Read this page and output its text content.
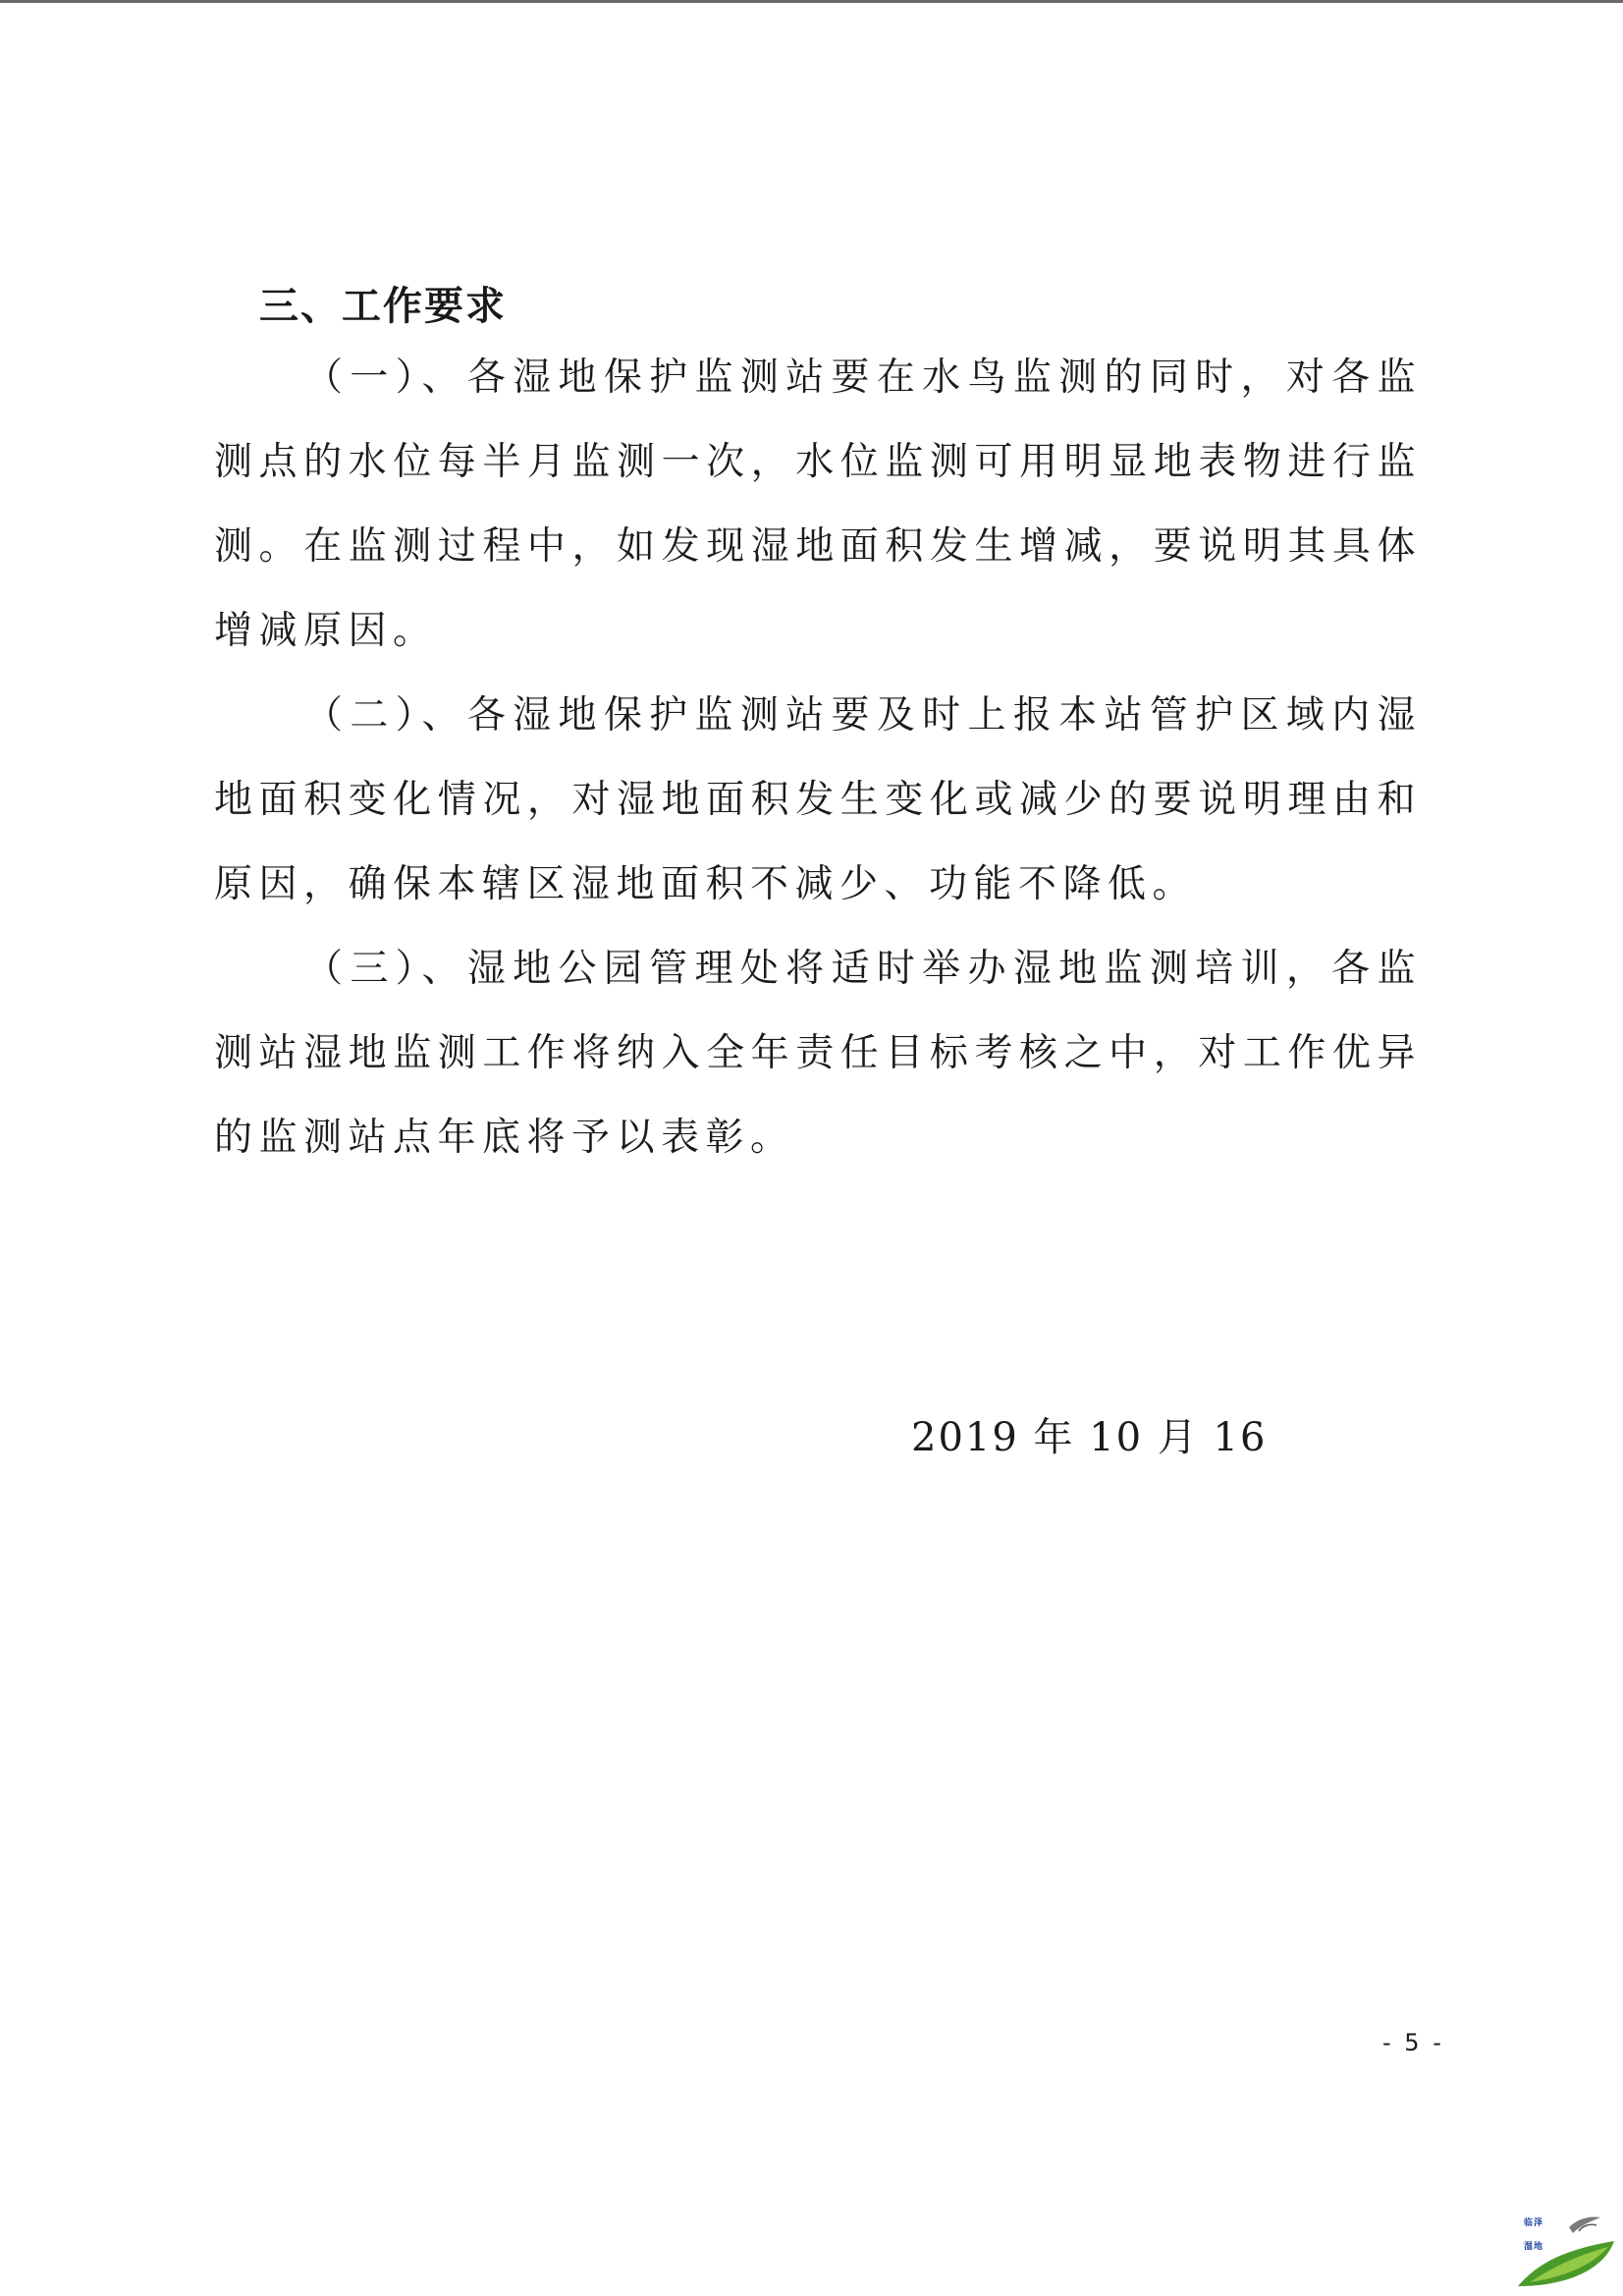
三、工作要求

（一）、各湿地保护监测站要在水鸟监测的同时，对各监测点的水位每半月监测一次，水位监测可用明显地表物进行监测。在监测过程中，如发现湿地面积发生增减，要说明其具体增减原因。

（二）、各湿地保护监测站要及时上报本站管护区域内湿地面积变化情况，对湿地面积发生变化或减少的要说明理由和原因，确保本辖区湿地面积不减少、功能不降低。

（三）、湿地公园管理处将适时举办湿地监测培训，各监测站湿地监测工作将纳入全年责任目标考核之中，对工作优异的监测站点年底将予以表彰。

2019 年 10 月 16
- 5 -
临泽
湿地
